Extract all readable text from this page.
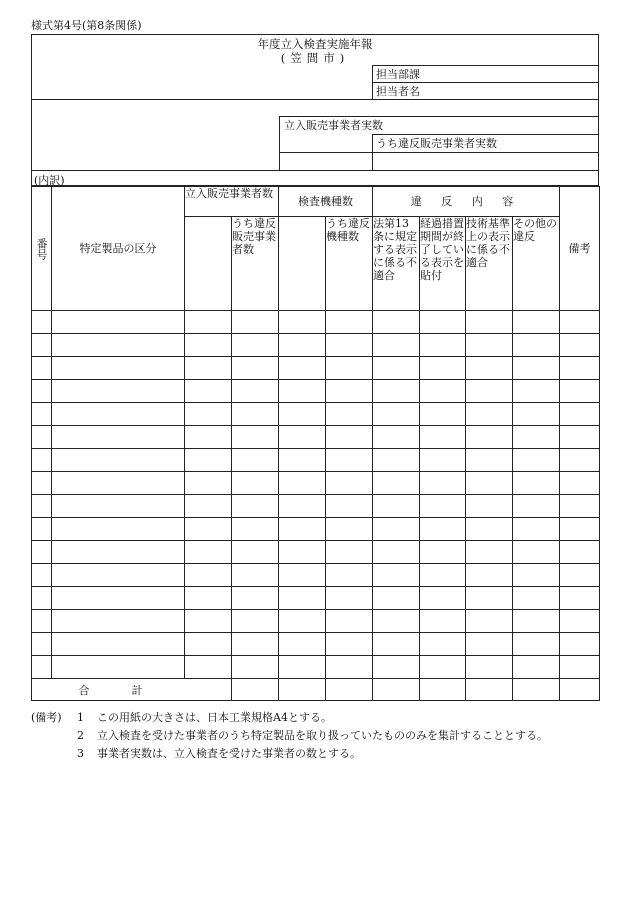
様式第4号(第8条関係)
年度立入検査実施年報
(笠間市)
担当部課
担当者名
立入販売事業者実数
うち違反販売事業者実数
(内訳)
番号	特定製品の区分	立入販売事業者数		検査機種数		違 反 内 容				備考
			うち違反販売事業者数		うち違反機種数	法第13条に規定する表示に係る不適合	経過措置期間が終了している表示を貼付	技術基準上の表示に係る不適合	その他の違反	

合計										
(備考)	1	この用紙の大きさは、日本工業規格A4とする。
2	立入検査を受けた事業者のうち特定製品を取り扱っていたもののみを集計することとする。
3	事業者実数は、立入検査を受けた事業者の数とする。
